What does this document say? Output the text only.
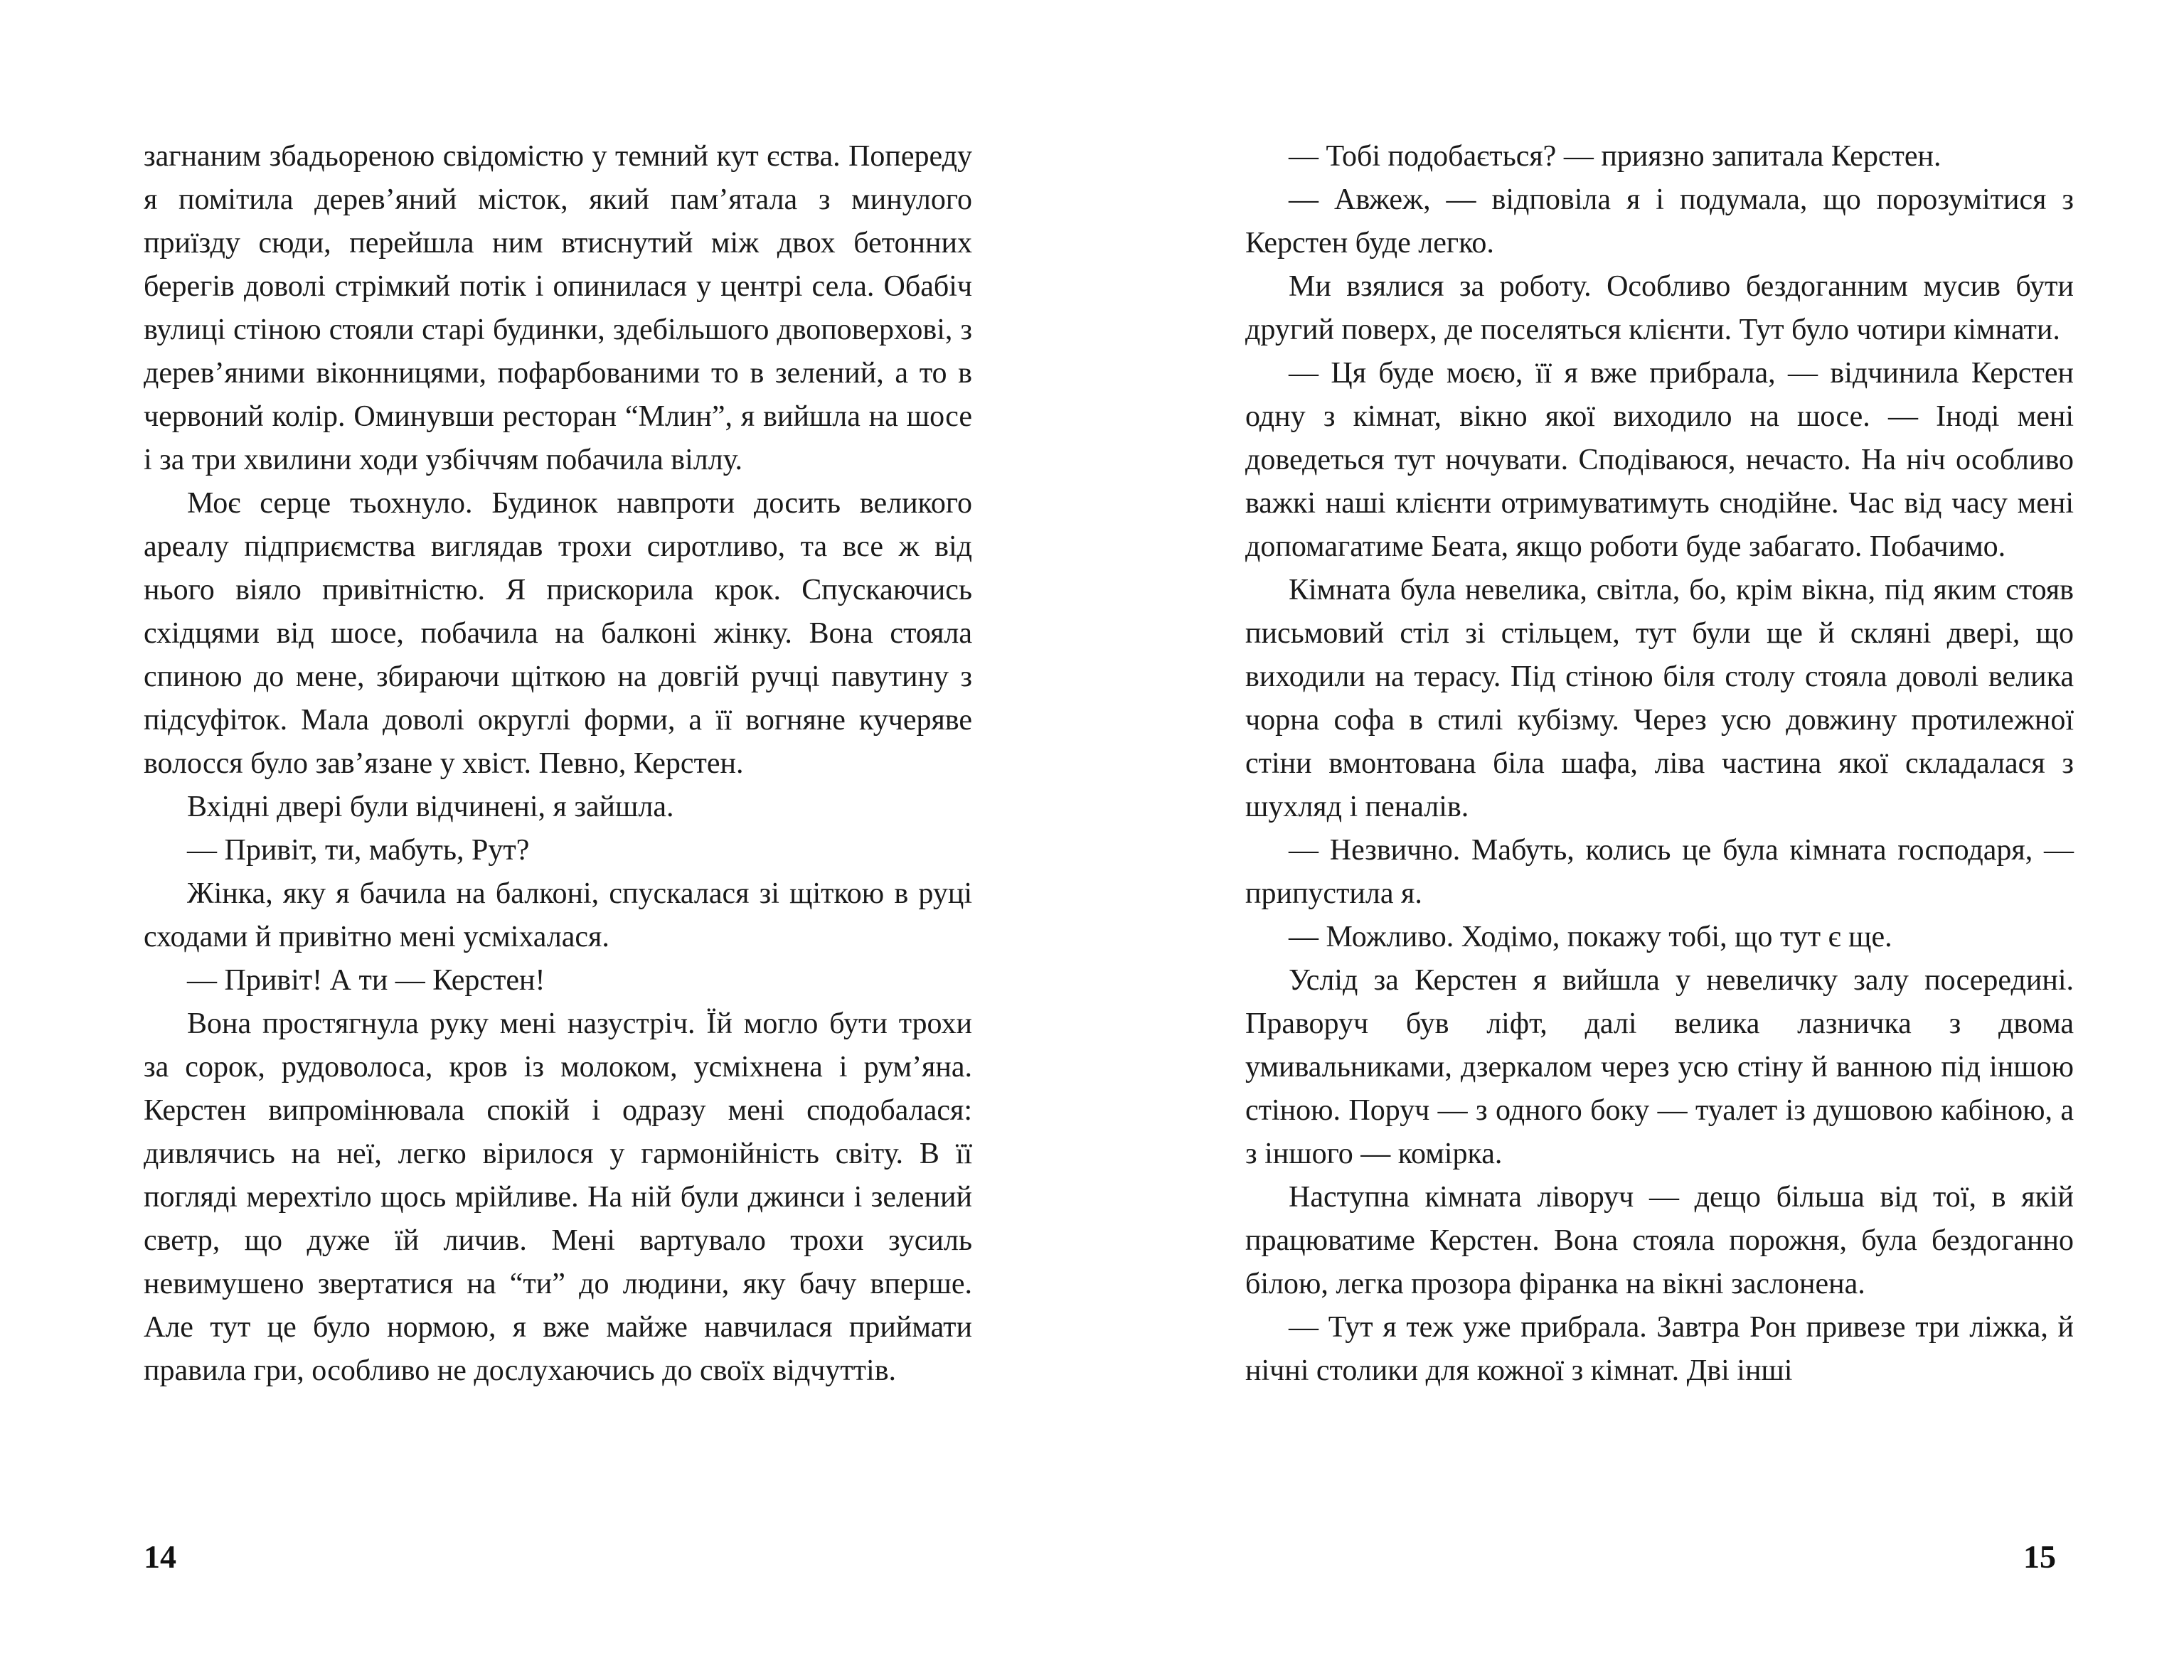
загнаним збадьореною свідомістю у темний кут єства. Попереду я помітила дерев’яний місток, який пам’ятала з минулого приїзду сюди, перейшла ним втиснутий між двох бетонних берегів доволі стрімкий потік і опинилася у центрі села. Обабіч вулиці стіною стояли старі будинки, здебільшого двоповерхові, з дерев’яними віконницями, пофарбованими то в зелений, а то в червоний колір. Оминувши ресторан “Млин”, я вийшла на шосе і за три хвилини ходи узбіччям побачила віллу.

Моє серце тьохнуло. Будинок навпроти досить великого ареалу підприємства виглядав трохи сиротливо, та все ж від нього віяло привітністю. Я прискорила крок. Спускаючись східцями від шосе, побачила на балконі жінку. Вона стояла спиною до мене, збираючи щіткою на довгій ручці павутину з підсуфіток. Мала доволі округлі форми, а її вогняне кучеряве волосся було зав’язане у хвіст. Певно, Керстен.

Вхідні двері були відчинені, я зайшла.

— Привіт, ти, мабуть, Рут?

Жінка, яку я бачила на балконі, спускалася зі щіткою в руці сходами й привітно мені усміхалася.

— Привіт! А ти — Керстен!

Вона простягнула руку мені назустріч. Їй могло бути трохи за сорок, рудоволоса, кров із молоком, усміхнена і рум’яна. Керстен випромінювала спокій і одразу мені сподобалася: дивлячись на неї, легко вірилося у гармонійність світу. В її погляді мерехтіло щось мрійливе. На ній були джинси і зелений светр, що дуже їй личив. Мені вартувало трохи зусиль невимушено звертатися на “ти” до людини, яку бачу вперше. Але тут це було нормою, я вже майже навчилася приймати правила гри, особливо не дослухаючись до своїх відчуттів.

— Тобі подобається? — приязно запитала Керстен.

— Авжеж, — відповіла я і подумала, що порозумітися з Керстен буде легко.

Ми взялися за роботу. Особливо бездоганним мусив бути другий поверх, де поселяться клієнти. Тут було чотири кімнати.

— Ця буде моєю, її я вже прибрала, — відчинила Керстен одну з кімнат, вікно якої виходило на шосе. — Іноді мені доведеться тут ночувати. Сподіваюся, нечасто. На ніч особливо важкі наші клієнти отримуватимуть снодійне. Час від часу мені допомагатиме Беата, якщо роботи буде забагато. Побачимо.

Кімната була невелика, світла, бо, крім вікна, під яким стояв письмовий стіл зі стільцем, тут були ще й скляні двері, що виходили на терасу. Під стіною біля столу стояла доволі велика чорна софа в стилі кубізму. Через усю довжину протилежної стіни вмонтована біла шафа, ліва частина якої складалася з шухляд і пеналів.

— Незвично. Мабуть, колись це була кімната господаря, — припустила я.

— Можливо. Ходімо, покажу тобі, що тут є ще.

Услід за Керстен я вийшла у невеличку залу посередині. Праворуч був ліфт, далі велика лазничка з двома умивальниками, дзеркалом через усю стіну й ванною під іншою стіною. Поруч — з одного боку — туалет із душовою кабіною, а з іншого — комірка.

Наступна кімната ліворуч — дещо більша від тої, в якій працюватиме Керстен. Вона стояла порожня, була бездоганно білою, легка прозора фіранка на вікні заслонена.

— Тут я теж уже прибрала. Завтра Рон привезе три ліжка, й нічні столики для кожної з кімнат. Дві інші

14	15
